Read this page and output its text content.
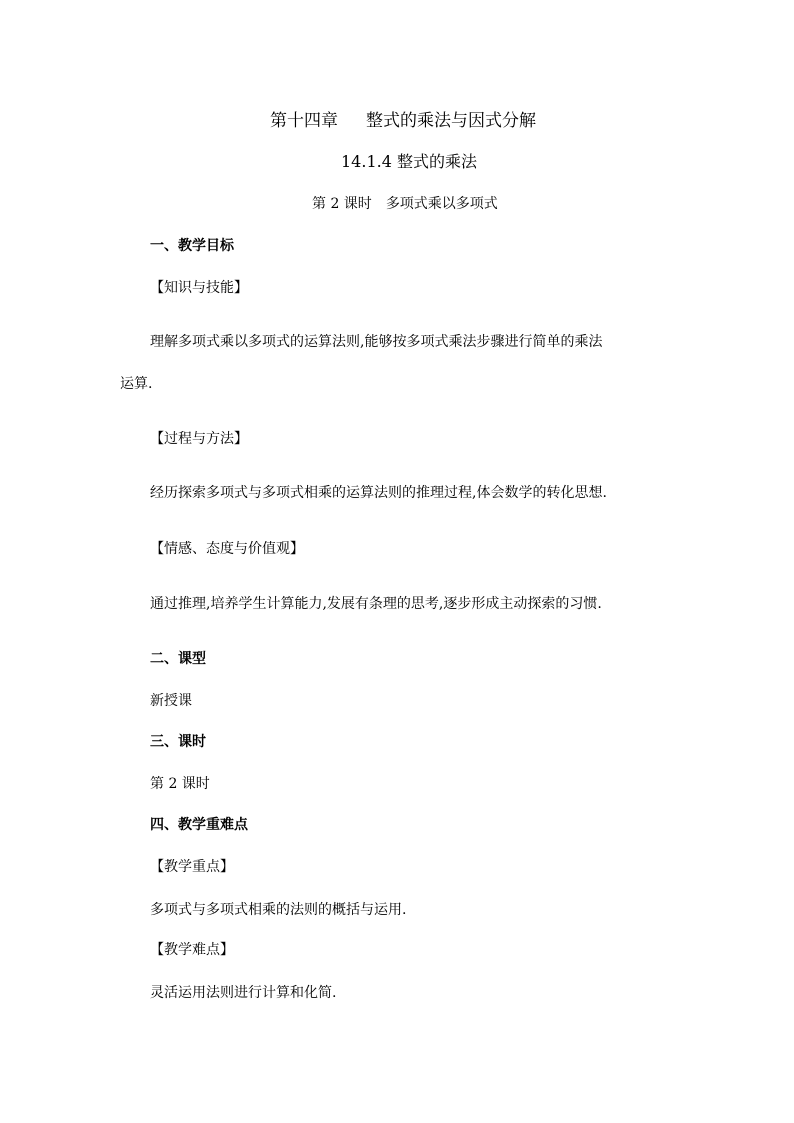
第十四章 整式的乘法与因式分解
14.1.4 整式的乘法
第 2 课时 多项式乘以多项式
一、教学目标
【知识与技能】
理解多项式乘以多项式的运算法则,能够按多项式乘法步骤进行简单的乘法
运算.
【过程与方法】
经历探索多项式与多项式相乘的运算法则的推理过程,体会数学的转化思想.
【情感、态度与价值观】
通过推理,培养学生计算能力,发展有条理的思考,逐步形成主动探索的习惯.
二、课型
新授课
三、课时
第 2 课时
四、教学重难点
【教学重点】
多项式与多项式相乘的法则的概括与运用.
【教学难点】
灵活运用法则进行计算和化简.
